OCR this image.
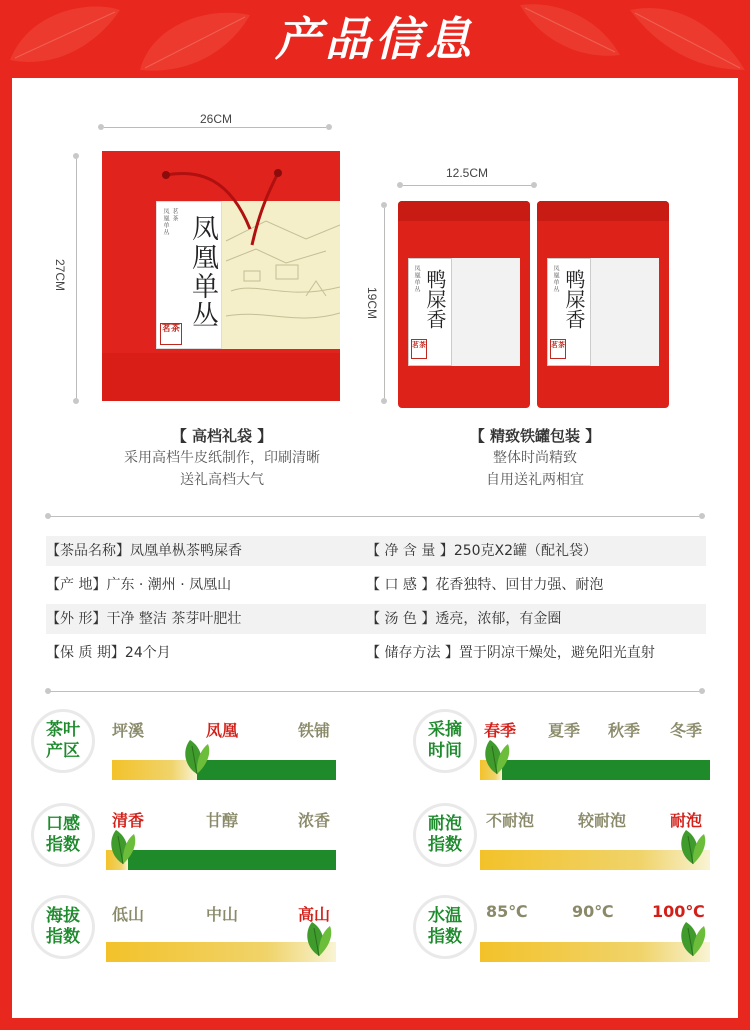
产品信息
26CM
27CM
凤凰单丛 茗茶 凤凰单丛
茗茶
12.5CM
19CM
凤凰单丛 鸭屎香
茗茶
凤凰单丛 鸭屎香
茗茶
【 高档礼袋 】
采用高档牛皮纸制作，印刷清晰
送礼高档大气
【 精致铁罐包装 】
整体时尚精致
自用送礼两相宜
【茶品名称】凤凰单枞茶鸭屎香	【 净 含 量 】250克X2罐（配礼袋）
【产 地】广东 · 潮州 · 凤凰山	【 口 感 】花香独特、回甘力强、耐泡
【外 形】干净 整洁 茶芽叶肥壮	【 汤 色 】透亮，浓郁，有金圈
【保 质 期】24个月	【 储存方法 】置于阴凉干燥处，避免阳光直射
茶叶
产区
坪溪	凤凰	铁铺	采摘
时间
春季 夏季 秋季 冬季
口感
指数
清香	甘醇	浓香	耐泡
指数
不耐泡	较耐泡	耐泡
海拔
指数
低山	中山	高山	水温
指数
85℃	90℃ 100℃
